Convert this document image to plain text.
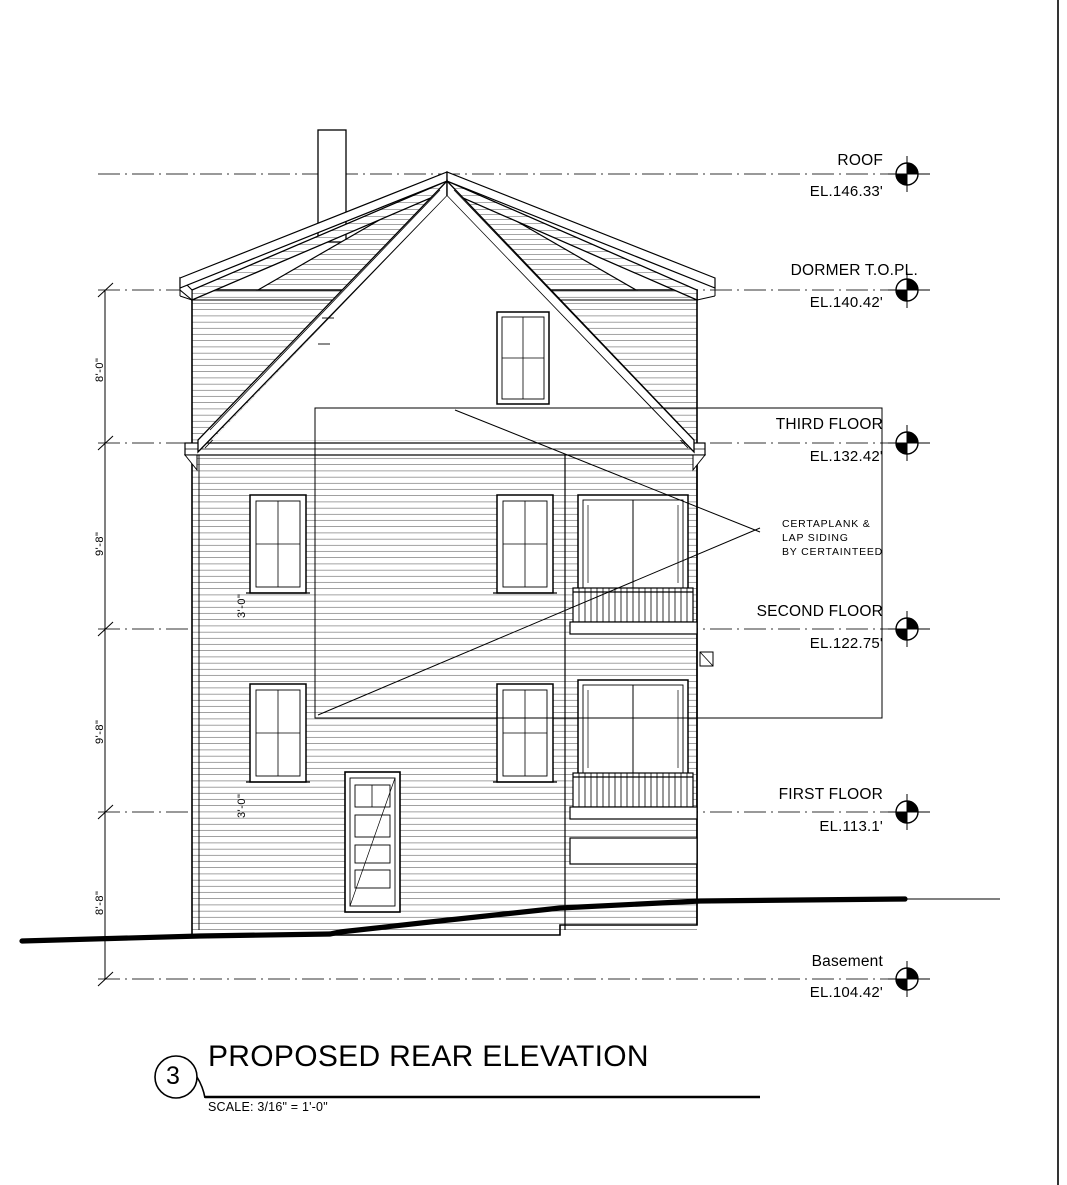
ROOF
EL.146.33'
DORMER T.O.PL.
EL.140.42'
THIRD FLOOR
EL.132.42'
SECOND FLOOR
EL.122.75'
FIRST FLOOR
EL.113.1'
Basement
EL.104.42'
8'-0"
9'-8"
9'-8"
8'-8"
3'-0"
3'-0"
CERTAPLANK &
LAP SIDING
BY CERTAINTEED
3
PROPOSED REAR ELEVATION
SCALE: 3/16" = 1'-0"
